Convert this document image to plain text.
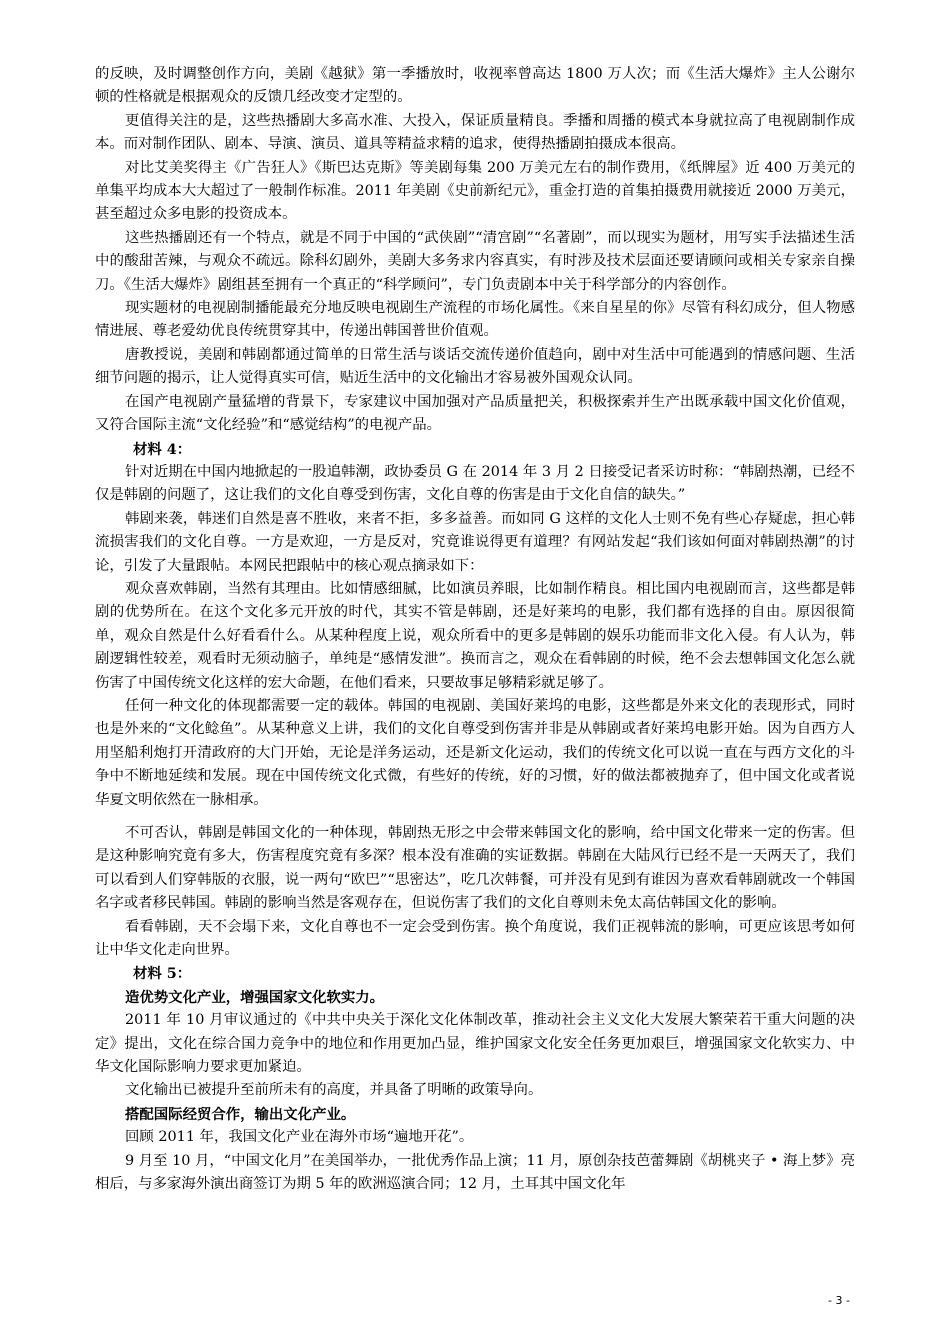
的反映，及时调整创作方向，美剧《越狱》第一季播放时，收视率曾高达 1800 万人次；而《生活大爆炸》主人公谢尔顿的性格就是根据观众的反馈几经改变才定型的。

更值得关注的是，这些热播剧大多高水准、大投入，保证质量精良。季播和周播的模式本身就拉高了电视剧制作成本。而对制作团队、剧本、导演、演员、道具等精益求精的追求，使得热播剧拍摄成本很高。

对比艾美奖得主《广告狂人》《斯巴达克斯》等美剧每集 200 万美元左右的制作费用，《纸牌屋》近 400 万美元的单集平均成本大大超过了一般制作标准。2011 年美剧《史前新纪元》，重金打造的首集拍摄费用就接近 2000 万美元，甚至超过众多电影的投资成本。

这些热播剧还有一个特点，就是不同于中国的“武侠剧”“清宫剧”“名著剧”，而以现实为题材，用写实手法描述生活中的酸甜苦辣，与观众不疏远。除科幻剧外，美剧大多务求内容真实，有时涉及技术层面还要请顾问或相关专家亲自操刀。《生活大爆炸》剧组甚至拥有一个真正的“科学顾问”，专门负责剧本中关于科学部分的内容创作。

现实题材的电视剧制播能最充分地反映电视剧生产流程的市场化属性。《来自星星的你》尽管有科幻成分，但人物感情进展、尊老爱幼优良传统贯穿其中，传递出韩国普世价值观。

唐教授说，美剧和韩剧都通过简单的日常生活与谈话交流传递价值趋向，剧中对生活中可能遇到的情感问题、生活细节问题的揭示，让人觉得真实可信，贴近生活中的文化输出才容易被外国观众认同。

在国产电视剧产量猛增的背景下，专家建议中国加强对产品质量把关，积极探索并生产出既承载中国文化价值观，又符合国际主流“文化经验”和“感觉结构”的电视产品。

材料 4：

针对近期在中国内地掀起的一股追韩潮，政协委员 G 在 2014 年 3 月 2 日接受记者采访时称：“韩剧热潮，已经不仅是韩剧的问题了，这让我们的文化自尊受到伤害，文化自尊的伤害是由于文化自信的缺失。”

韩剧来袭，韩迷们自然是喜不胜收，来者不拒，多多益善。而如同 G 这样的文化人士则不免有些心存疑虑，担心韩流损害我们的文化自尊。一方是欢迎，一方是反对，究竟谁说得更有道理？有网站发起“我们该如何面对韩剧热潮”的讨论，引发了大量跟帖。本网民把跟帖中的核心观点摘录如下：

观众喜欢韩剧，当然有其理由。比如情感细腻，比如演员养眼，比如制作精良。相比国内电视剧而言，这些都是韩剧的优势所在。在这个文化多元开放的时代，其实不管是韩剧，还是好莱坞的电影，我们都有选择的自由。原因很简单，观众自然是什么好看看什么。从某种程度上说，观众所看中的更多是韩剧的娱乐功能而非文化入侵。有人认为，韩剧逻辑性较差，观看时无须动脑子，单纯是“感情发泄”。换而言之，观众在看韩剧的时候，绝不会去想韩国文化怎么就伤害了中国传统文化这样的宏大命题，在他们看来，只要故事足够精彩就足够了。

任何一种文化的体现都需要一定的载体。韩国的电视剧、美国好莱坞的电影，这些都是外来文化的表现形式，同时也是外来的“文化鲶鱼”。从某种意义上讲，我们的文化自尊受到伤害并非是从韩剧或者好莱坞电影开始。因为自西方人用坚船利炮打开清政府的大门开始，无论是洋务运动，还是新文化运动，我们的传统文化可以说一直在与西方文化的斗争中不断地延续和发展。现在中国传统文化式微，有些好的传统，好的习惯，好的做法都被抛弃了，但中国文化或者说华夏文明依然在一脉相承。

不可否认，韩剧是韩国文化的一种体现，韩剧热无形之中会带来韩国文化的影响，给中国文化带来一定的伤害。但是这种影响究竟有多大，伤害程度究竟有多深？根本没有准确的实证数据。韩剧在大陆风行已经不是一天两天了，我们可以看到人们穿韩版的衣服，说一两句“欧巴”“思密达”，吃几次韩餐，可并没有见到有谁因为喜欢看韩剧就改一个韩国名字或者移民韩国。韩剧的影响当然是客观存在，但说伤害了我们的文化自尊则未免太高估韩国文化的影响。

看看韩剧，天不会塌下来，文化自尊也不一定会受到伤害。换个角度说，我们正视韩流的影响，可更应该思考如何让中华文化走向世界。

材料 5：

造优势文化产业，增强国家文化软实力。

2011 年 10 月审议通过的《中共中央关于深化文化体制改革，推动社会主义文化大发展大繁荣若干重大问题的决定》提出，文化在综合国力竞争中的地位和作用更加凸显，维护国家文化安全任务更加艰巨，增强国家文化软实力、中华文化国际影响力要求更加紧迫。

文化输出已被提升至前所未有的高度，并具备了明晰的政策导向。

搭配国际经贸合作，输出文化产业。

回顾 2011 年，我国文化产业在海外市场“遍地开花”。

9 月至 10 月，“中国文化月”在美国举办，一批优秀作品上演；11 月，原创杂技芭蕾舞剧《胡桃夹子 • 海上梦》亮相后，与多家海外演出商签订为期 5 年的欧洲巡演合同；12 月，土耳其中国文化年

- 3 -
